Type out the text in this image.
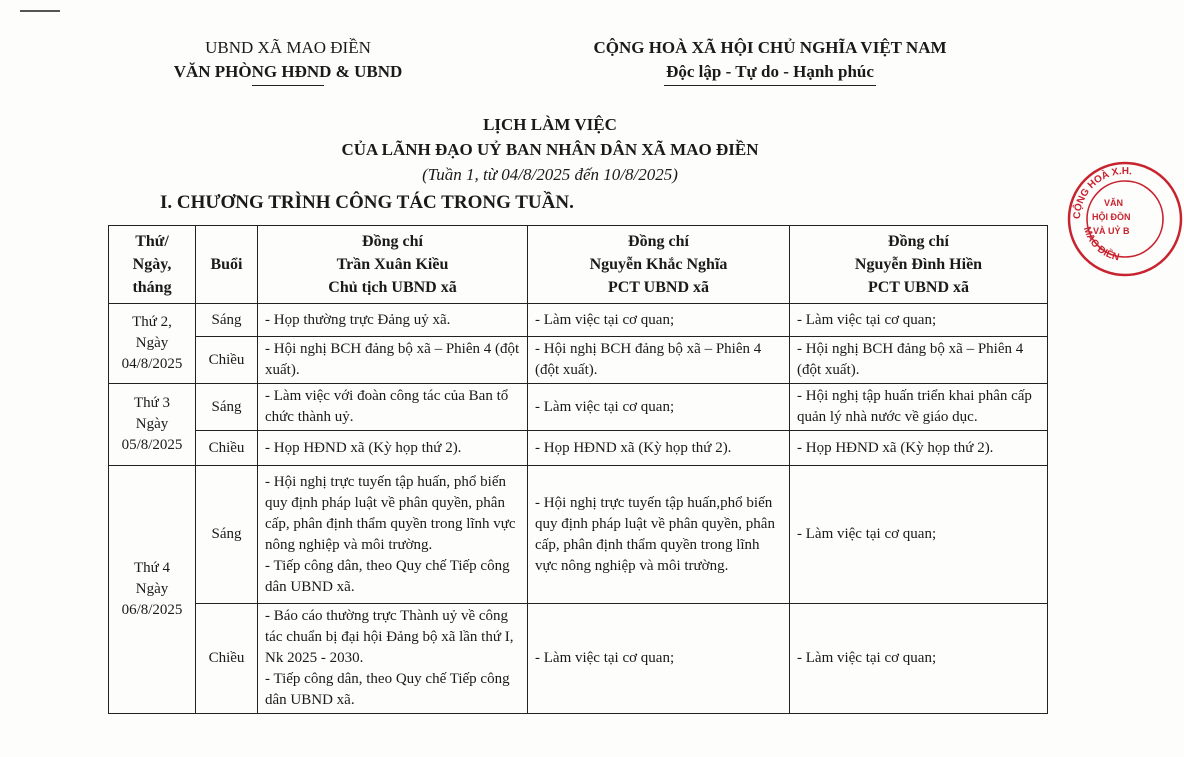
UBND XÃ MAO ĐIỀN
VĂN PHÒNG HĐND & UBND
CỘNG HOÀ XÃ HỘI CHỦ NGHĨA VIỆT NAM
Độc lập - Tự do - Hạnh phúc
LỊCH LÀM VIỆC
CỦA LÃNH ĐẠO UỶ BAN NHÂN DÂN XÃ MAO ĐIỀN
(Tuần 1, từ 04/8/2025 đến 10/8/2025)
I. CHƯƠNG TRÌNH CÔNG TÁC TRONG TUẦN.
CỘNG HOÀ X.H.
MAO ĐIỀN
VĂN
HỘI ĐỒN
VÀ UỶ B
Thứ/
Ngày,
tháng	Buổi	Đồng chí
Trần Xuân Kiều
Chủ tịch UBND xã	Đồng chí
Nguyễn Khắc Nghĩa
PCT UBND xã	Đồng chí
Nguyễn Đình Hiền
PCT UBND xã
Thứ 2,
Ngày
04/8/2025	Sáng	- Họp thường trực Đảng uỷ xã.	- Làm việc tại cơ quan;	- Làm việc tại cơ quan;
	Chiều	- Hội nghị BCH đảng bộ xã – Phiên 4 (đột xuất).	- Hội nghị BCH đảng bộ xã – Phiên 4 (đột xuất).	- Hội nghị BCH đảng bộ xã – Phiên 4 (đột xuất).
Thứ 3
Ngày
05/8/2025	Sáng	- Làm việc với đoàn công tác của Ban tổ chức thành uỷ.	- Làm việc tại cơ quan;	- Hội nghị tập huấn triển khai phân cấp quản lý nhà nước về giáo dục.
	Chiều	- Họp HĐND xã (Kỳ họp thứ 2).	- Họp HĐND xã (Kỳ họp thứ 2).	- Họp HĐND xã (Kỳ họp thứ 2).
Thứ 4
Ngày
06/8/2025	Sáng	- Hội nghị trực tuyến tập huấn, phổ biến quy định pháp luật về phân quyền, phân cấp, phân định thẩm quyền trong lĩnh vực nông nghiệp và môi trường.
- Tiếp công dân, theo Quy chế Tiếp công dân UBND xã.	- Hội nghị trực tuyến tập huấn,phổ biến quy định pháp luật về phân quyền, phân cấp, phân định thẩm quyền trong lĩnh vực nông nghiệp và môi trường.	- Làm việc tại cơ quan;
	Chiều	- Báo cáo thường trực Thành uỷ về công tác chuẩn bị đại hội Đảng bộ xã lần thứ I, Nk 2025 - 2030.
- Tiếp công dân, theo Quy chế Tiếp công dân UBND xã.	- Làm việc tại cơ quan;	- Làm việc tại cơ quan;
